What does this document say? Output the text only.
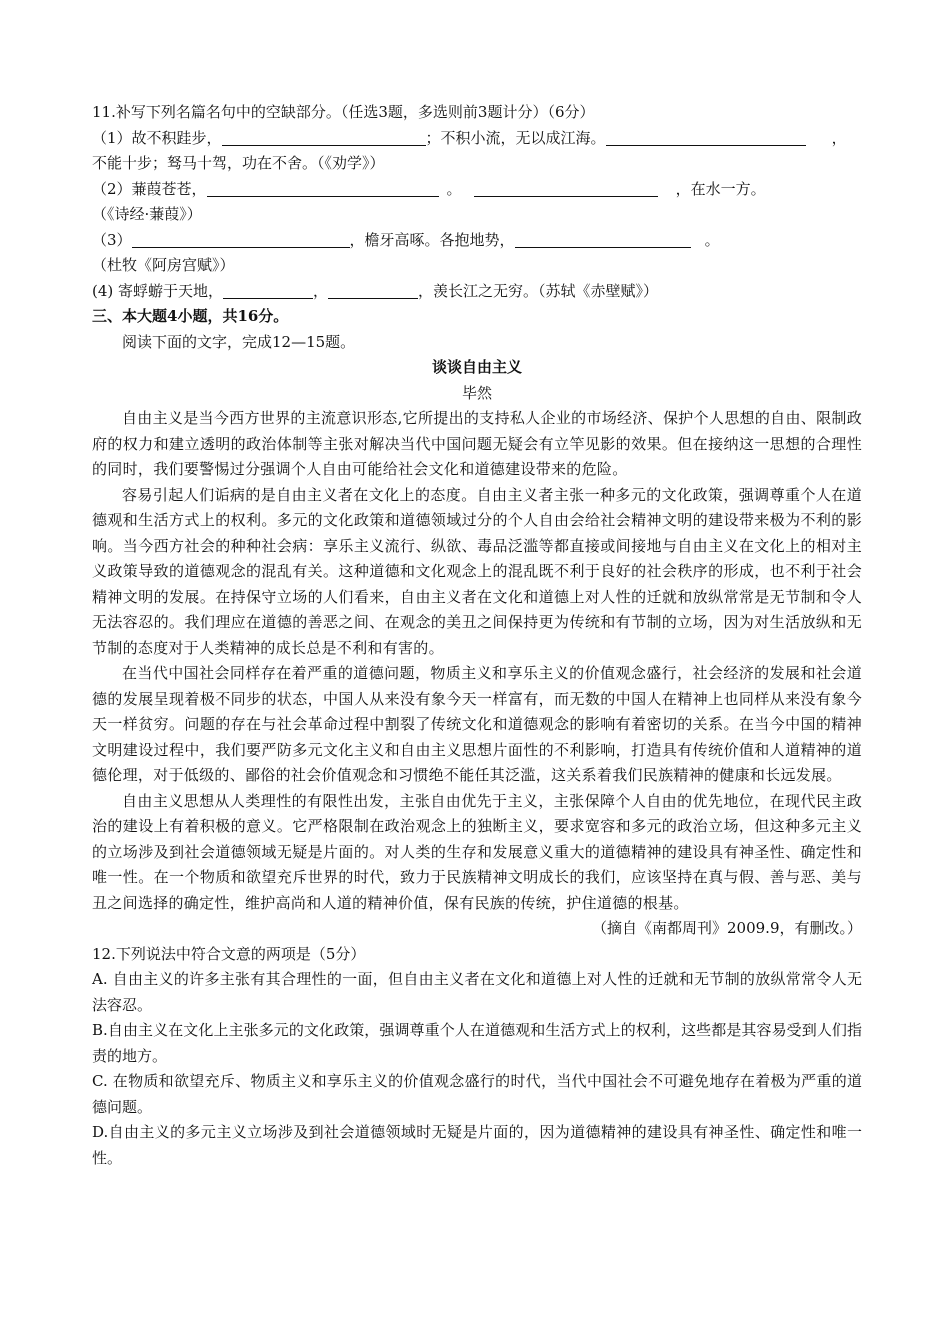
11.补写下列名篇名句中的空缺部分。（任选3题，多选则前3题计分）（6分）
（1）故不积跬步，	；不积小流，无以成江海。	，
不能十步；驽马十驾，功在不舍。（《劝学》）
（2）蒹葭苍苍，	。	，在水一方。
（《诗经·蒹葭》）
（3）	，檐牙高啄。各抱地势，	。
（杜牧《阿房宫赋》）
(4) 寄蜉蝣于天地，	，	，羡长江之无穷。（苏轼《赤壁赋》）
三、本大题4小题，共16分。
阅读下面的文字，完成12—15题。
谈谈自由主义
毕然

自由主义是当今西方世界的主流意识形态,它所提出的支持私人企业的市场经济、保护个人思想的自由、限制政府的权力和建立透明的政治体制等主张对解决当代中国问题无疑会有立竿见影的效果。但在接纳这一思想的合理性的同时，我们要警惕过分强调个人自由可能给社会文化和道德建设带来的危险。

容易引起人们诟病的是自由主义者在文化上的态度。自由主义者主张一种多元的文化政策，强调尊重个人在道德观和生活方式上的权利。多元的文化政策和道德领域过分的个人自由会给社会精神文明的建设带来极为不利的影响。当今西方社会的种种社会病：享乐主义流行、纵欲、毒品泛滥等都直接或间接地与自由主义在文化上的相对主义政策导致的道德观念的混乱有关。这种道德和文化观念上的混乱既不利于良好的社会秩序的形成，也不利于社会精神文明的发展。在持保守立场的人们看来，自由主义者在文化和道德上对人性的迁就和放纵常常是无节制和令人无法容忍的。我们理应在道德的善恶之间、在观念的美丑之间保持更为传统和有节制的立场，因为对生活放纵和无节制的态度对于人类精神的成长总是不利和有害的。

在当代中国社会同样存在着严重的道德问题，物质主义和享乐主义的价值观念盛行，社会经济的发展和社会道德的发展呈现着极不同步的状态，中国人从来没有象今天一样富有，而无数的中国人在精神上也同样从来没有象今天一样贫穷。问题的存在与社会革命过程中割裂了传统文化和道德观念的影响有着密切的关系。在当今中国的精神文明建设过程中，我们要严防多元文化主义和自由主义思想片面性的不利影响，打造具有传统价值和人道精神的道德伦理，对于低级的、鄙俗的社会价值观念和习惯绝不能任其泛滥，这关系着我们民族精神的健康和长远发展。

自由主义思想从人类理性的有限性出发，主张自由优先于主义，主张保障个人自由的优先地位，在现代民主政治的建设上有着积极的意义。它严格限制在政治观念上的独断主义，要求宽容和多元的政治立场，但这种多元主义的立场涉及到社会道德领域无疑是片面的。对人类的生存和发展意义重大的道德精神的建设具有神圣性、确定性和唯一性。在一个物质和欲望充斥世界的时代，致力于民族精神文明成长的我们，应该坚持在真与假、善与恶、美与丑之间选择的确定性，维护高尚和人道的精神价值，保有民族的传统，护住道德的根基。

（摘自《南都周刊》2009.9，有删改。）
12.下列说法中符合文意的两项是（5分）

A. 自由主义的许多主张有其合理性的一面，但自由主义者在文化和道德上对人性的迁就和无节制的放纵常常令人无法容忍。

B.自由主义在文化上主张多元的文化政策，强调尊重个人在道德观和生活方式上的权利，这些都是其容易受到人们指责的地方。

C. 在物质和欲望充斥、物质主义和享乐主义的价值观念盛行的时代，当代中国社会不可避免地存在着极为严重的道德问题。

D.自由主义的多元主义立场涉及到社会道德领域时无疑是片面的，因为道德精神的建设具有神圣性、确定性和唯一性。
